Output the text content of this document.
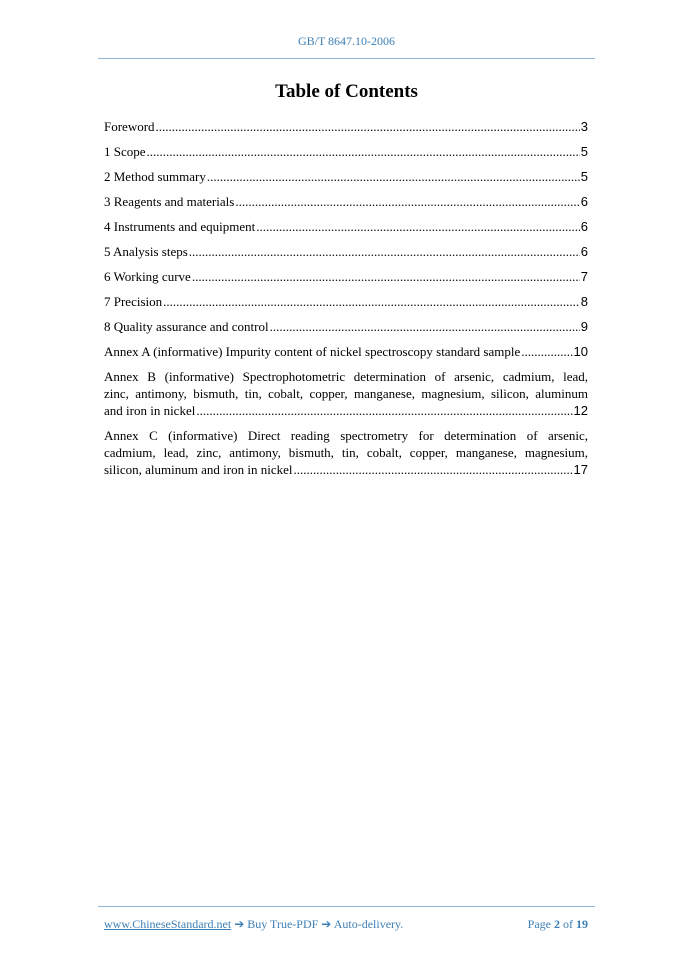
GB/T 8647.10-2006
Table of Contents
Foreword .....	3
1 Scope .....	5
2 Method summary .....	5
3 Reagents and materials .....	6
4 Instruments and equipment .....	6
5 Analysis steps .....	6
6 Working curve .....	7
7 Precision .....	8
8 Quality assurance and control .....	9
Annex A (informative) Impurity content of nickel spectroscopy standard sample .....	10
Annex B (informative) Spectrophotometric determination of arsenic, cadmium, lead,
zinc, antimony, bismuth, tin, cobalt, copper, manganese, magnesium, silicon, aluminum
and iron in nickel .....	12
Annex C (informative) Direct reading spectrometry for determination of arsenic,
cadmium, lead, zinc, antimony, bismuth, tin, cobalt, copper, manganese, magnesium,
silicon, aluminum and iron in nickel .....	17
www.ChineseStandard.net ➔ Buy True-PDF ➔ Auto-delivery.	Page 2 of 19
